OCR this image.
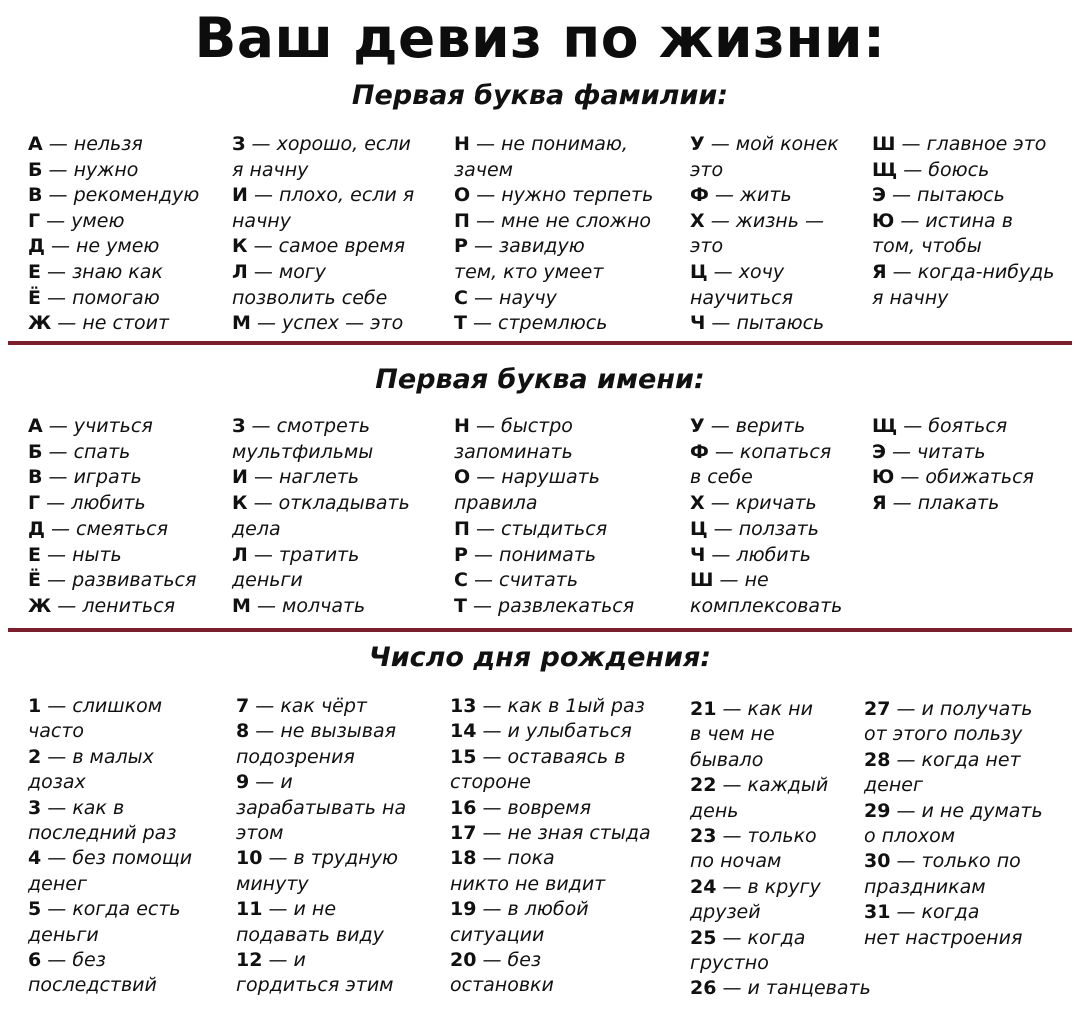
Ваш девиз по жизни:
Первая буква фамилии:
А — нельзя
Б — нужно
В — рекомендую
Г — умею
Д — не умею
Е — знаю как
Ё — помогаю
Ж — не стоит
З — хорошо, если
я начну
И — плохо, если я
начну
К — самое время
Л — могу
позволить себе
М — успех — это
Н — не понимаю,
зачем
О — нужно терпеть
П — мне не сложно
Р — завидую
тем, кто умеет
С — научу
Т — стремлюсь
У — мой конек
это
Ф — жить
Х — жизнь —
это
Ц — хочу
научиться
Ч — пытаюсь
Ш — главное это
Щ — боюсь
Э — пытаюсь
Ю — истина в
том, чтобы
Я — когда-нибудь
я начну
Первая буква имени:
А — учиться
Б — спать
В — играть
Г — любить
Д — смеяться
Е — ныть
Ё — развиваться
Ж — лениться
З — смотреть
мультфильмы
И — наглеть
К — откладывать
дела
Л — тратить
деньги
М — молчать
Н — быстро
запоминать
О — нарушать
правила
П — стыдиться
Р — понимать
С — считать
Т — развлекаться
У — верить
Ф — копаться
в себе
Х — кричать
Ц — ползать
Ч — любить
Ш — не
комплексовать
Щ — бояться
Э — читать
Ю — обижаться
Я — плакать
Число дня рождения:
1 — слишком
часто
2 — в малых
дозах
3 — как в
последний раз
4 — без помощи
денег
5 — когда есть
деньги
6 — без
последствий
7 — как чёрт
8 — не вызывая
подозрения
9 — и
зарабатывать на
этом
10 — в трудную
минуту
11 — и не
подавать виду
12 — и
гордиться этим
13 — как в 1ый раз
14 — и улыбаться
15 — оставаясь в
стороне
16 — вовремя
17 — не зная стыда
18 — пока
никто не видит
19 — в любой
ситуации
20 — без
остановки
21 — как ни
в чем не
бывало
22 — каждый
день
23 — только
по ночам
24 — в кругу
друзей
25 — когда
грустно
26 — и танцевать
27 — и получать
от этого пользу
28 — когда нет
денег
29 — и не думать
о плохом
30 — только по
праздникам
31 — когда
нет настроения
